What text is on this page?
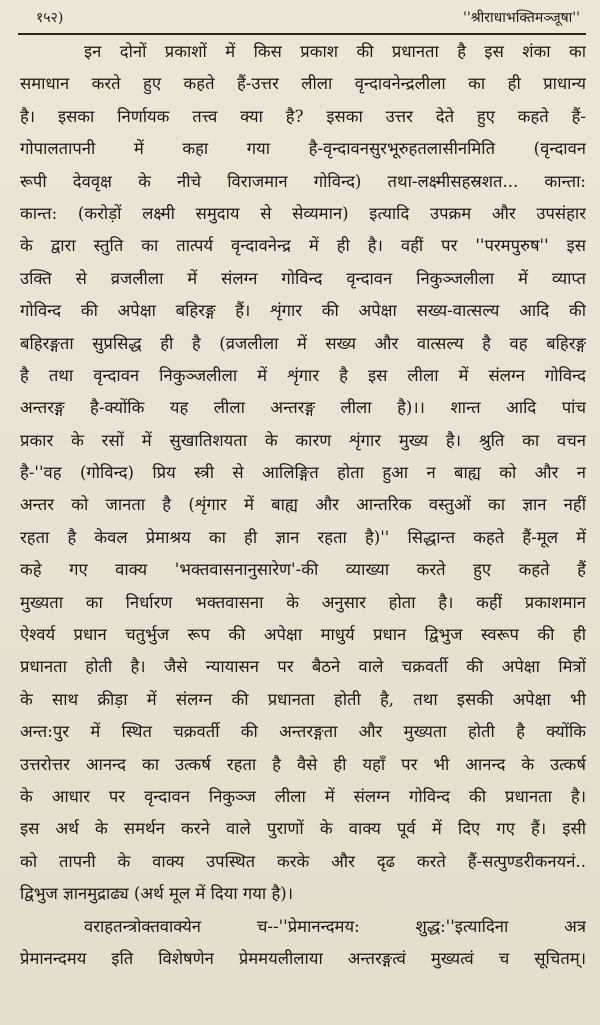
१५२)	''श्रीराधाभक्तिमञ्जूषा''
इन दोनों प्रकाशों में किस प्रकाश की प्रधानता है इस शंका का
समाधान करते हुए कहते हैं-उत्तर लीला वृन्दावनेन्द्रलीला का ही प्राधान्य
है। इसका निर्णायक तत्त्व क्या है? इसका उत्तर देते हुए कहते हैं-
गोपालतापनी में कहा गया है-वृन्दावनसुरभूरुहतलासीनमिति (वृन्दावन
रूपी देववृक्ष के नीचे विराजमान गोविन्द) तथा-लक्ष्मीसहस्रशत... कान्ता:
कान्त: (करोड़ों लक्ष्मी समुदाय से सेव्यमान) इत्यादि उपक्रम और उपसंहार
के द्वारा स्तुति का तात्पर्य वृन्दावनेन्द्र में ही है। वहीं पर ''परमपुरुष'' इस
उक्ति से व्रजलीला में संलग्न गोविन्द वृन्दावन निकुञ्जलीला में व्याप्त
गोविन्द की अपेक्षा बहिरङ्ग हैं। शृंगार की अपेक्षा सख्य-वात्सल्य आदि की
बहिरङ्गता सुप्रसिद्ध ही है (व्रजलीला में सख्य और वात्सल्य है वह बहिरङ्ग
है तथा वृन्दावन निकुञ्जलीला में शृंगार है इस लीला में संलग्न गोविन्द
अन्तरङ्ग है-क्योंकि यह लीला अन्तरङ्ग लीला है)।। शान्त आदि पांच
प्रकार के रसों में सुखातिशयता के कारण शृंगार मुख्य है। श्रुति का वचन
है-''वह (गोविन्द) प्रिय स्त्री से आलिङ्गित होता हुआ न बाह्य को और न
अन्तर को जानता है (शृंगार में बाह्य और आन्तरिक वस्तुओं का ज्ञान नहीं
रहता है केवल प्रेमाश्रय का ही ज्ञान रहता है)'' सिद्धान्त कहते हैं-मूल में
कहे गए वाक्य 'भक्तवासनानुसारेण'-की व्याख्या करते हुए कहते हैं
मुख्यता का निर्धारण भक्तवासना के अनुसार होता है। कहीं प्रकाशमान
ऐश्वर्य प्रधान चतुर्भुज रूप की अपेक्षा माधुर्य प्रधान द्विभुज स्वरूप की ही
प्रधानता होती है। जैसे न्यायासन पर बैठने वाले चक्रवर्ती की अपेक्षा मित्रों
के साथ क्रीड़ा में संलग्न की प्रधानता होती है, तथा इसकी अपेक्षा भी
अन्त:पुर में स्थित चक्रवर्ती की अन्तरङ्गता और मुख्यता होती है क्योंकि
उत्तरोत्तर आनन्द का उत्कर्ष रहता है वैसे ही यहाँ पर भी आनन्द के उत्कर्ष
के आधार पर वृन्दावन निकुञ्ज लीला में संलग्न गोविन्द की प्रधानता है।
इस अर्थ के समर्थन करने वाले पुराणों के वाक्य पूर्व में दिए गए हैं। इसी
को तापनी के वाक्य उपस्थित करके और दृढ करते हैं-सत्पुण्डरीकनयनं..
द्विभुज ज्ञानमुद्राढ्य (अर्थ मूल में दिया गया है)।
वराहतन्त्रोक्तवाक्येन च--''प्रेमानन्दमय: शुद्ध:''इत्यादिना अत्र
प्रेमानन्दमय इति विशेषणेन प्रेममयलीलाया अन्तरङ्गत्वं मुख्यत्वं च सूचितम्।
